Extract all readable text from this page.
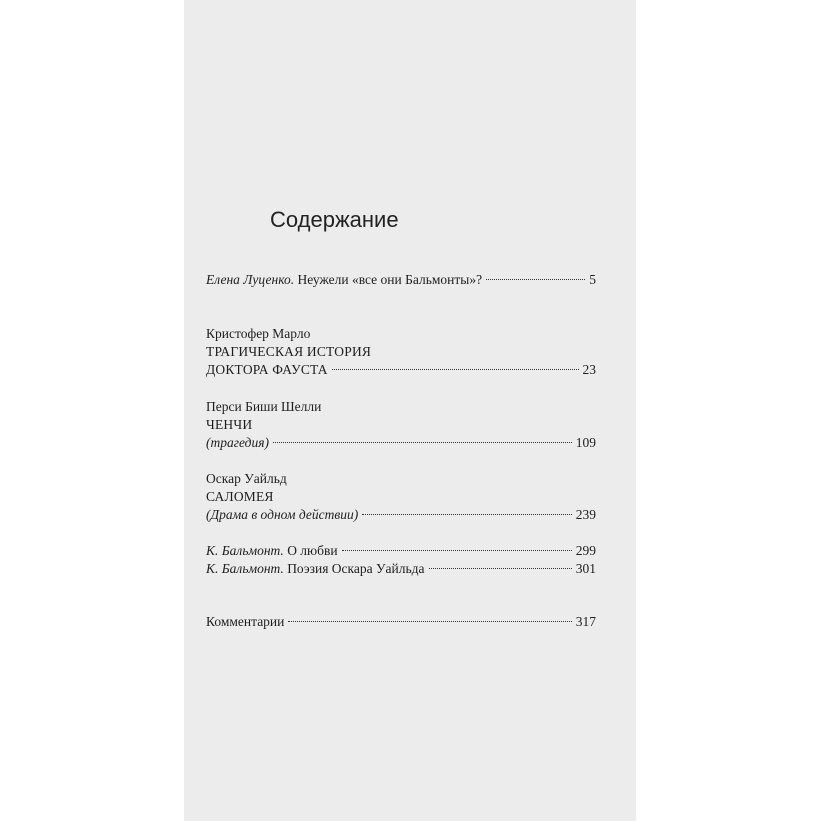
Содержание
Елена Луценко. Неужели «все они Бальмонты»?	5
Кристофер Марло
ТРАГИЧЕСКАЯ ИСТОРИЯ
ДОКТОРА ФАУСТА	23
Перси Биши Шелли
ЧЕНЧИ
(трагедия)	109
Оскар Уайльд
САЛОМЕЯ
(Драма в одном действии)	239
К. Бальмонт. О любви	299
К. Бальмонт. Поэзия Оскара Уайльда	301
Комментарии	317
